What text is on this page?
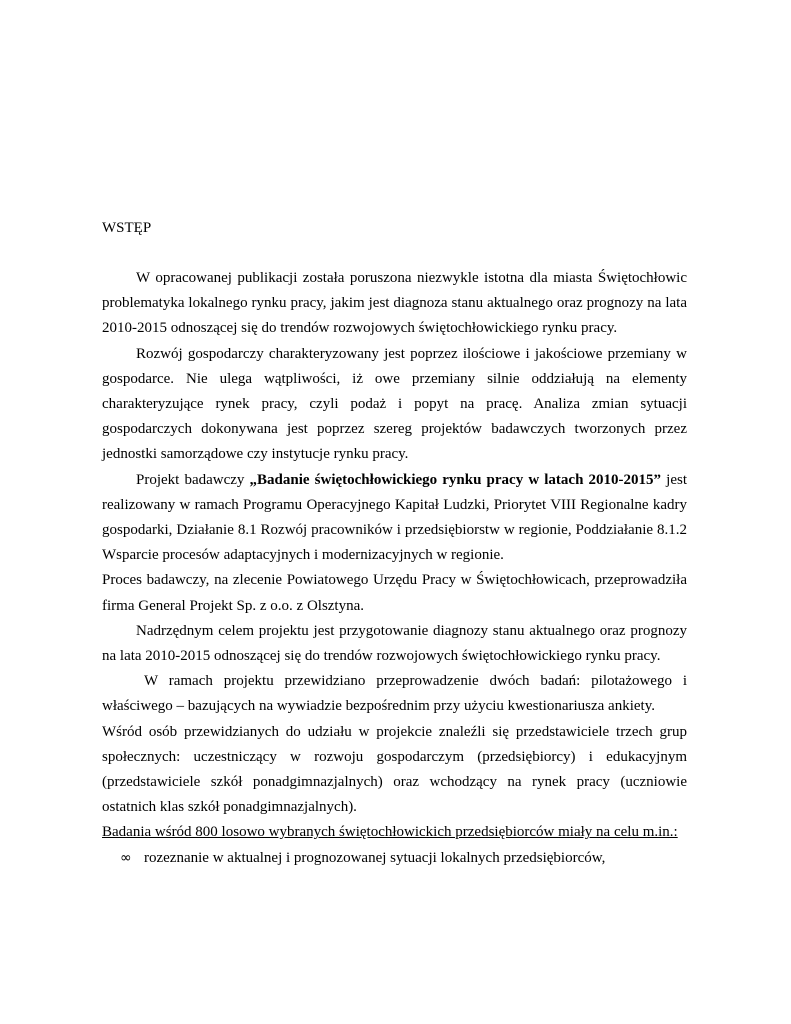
WSTĘP

W opracowanej publikacji została poruszona niezwykle istotna dla miasta Świętochłowic problematyka lokalnego rynku pracy, jakim jest diagnoza stanu aktualnego oraz prognozy na lata 2010-2015 odnoszącej się do trendów rozwojowych świętochłowickiego rynku pracy.

Rozwój gospodarczy charakteryzowany jest poprzez ilościowe i jakościowe przemiany w gospodarce. Nie ulega wątpliwości, iż owe przemiany silnie oddziałują na elementy charakteryzujące rynek pracy, czyli podaż i popyt na pracę. Analiza zmian sytuacji gospodarczych dokonywana jest poprzez szereg projektów badawczych tworzonych przez jednostki samorządowe czy instytucje rynku pracy.

Projekt badawczy „Badanie świętochłowickiego rynku pracy w latach 2010-2015” jest realizowany w ramach Programu Operacyjnego Kapitał Ludzki, Priorytet VIII Regionalne kadry gospodarki, Działanie 8.1 Rozwój pracowników i przedsiębiorstw w regionie, Poddziałanie 8.1.2 Wsparcie procesów adaptacyjnych i modernizacyjnych w regionie.

Proces badawczy, na zlecenie Powiatowego Urzędu Pracy w Świętochłowicach, przeprowadziła firma General Projekt Sp. z o.o. z Olsztyna.

Nadrzędnym celem projektu jest przygotowanie diagnozy stanu aktualnego oraz prognozy na lata 2010-2015 odnoszącej się do trendów rozwojowych świętochłowickiego rynku pracy.

W ramach projektu przewidziano przeprowadzenie dwóch badań: pilotażowego i właściwego – bazujących na wywiadzie bezpośrednim przy użyciu kwestionariusza ankiety.

Wśród osób przewidzianych do udziału w projekcie znaleźli się przedstawiciele trzech grup społecznych: uczestniczący w rozwoju gospodarczym (przedsiębiorcy) i edukacyjnym (przedstawiciele szkół ponadgimnazjalnych) oraz wchodzący na rynek pracy (uczniowie ostatnich klas szkół ponadgimnazjalnych).

Badania wśród 800 losowo wybranych świętochłowickich przedsiębiorców miały na celu m.in.:

∞ rozeznanie w aktualnej i prognozowanej sytuacji lokalnych przedsiębiorców,
